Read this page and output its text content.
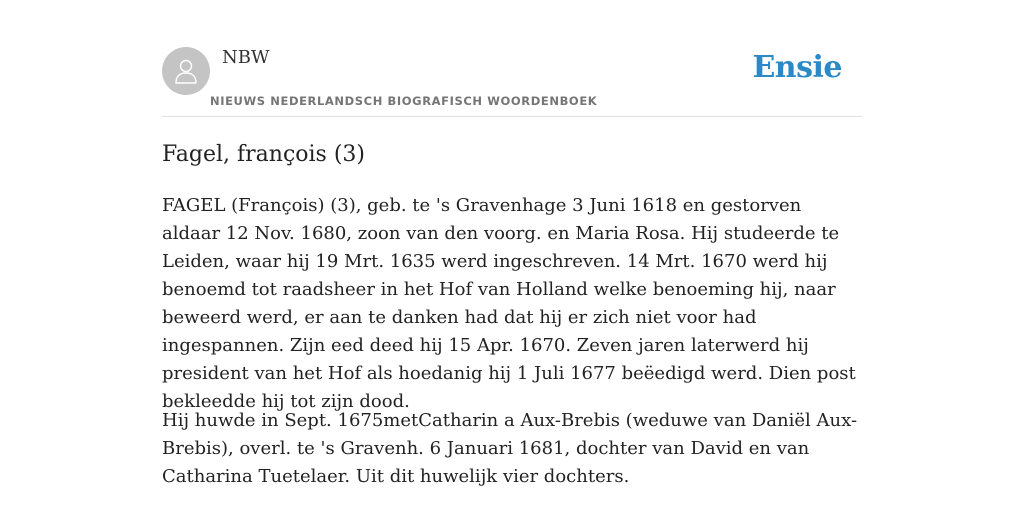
NBW
NIEUWS NEDERLANDSCH BIOGRAFISCH WOORDENBOEK
Ensie
Fagel, françois (3)

FAGEL (François) (3), geb. te 's Gravenhage 3 Juni 1618 en gestorven aldaar 12 Nov. 1680, zoon van den voorg. en Maria Rosa. Hij studeerde te Leiden, waar hij 19 Mrt. 1635 werd ingeschreven. 14 Mrt. 1670 werd hij benoemd tot raadsheer in het Hof van Holland welke benoeming hij, naar beweerd werd, er aan te danken had dat hij er zich niet voor had ingespannen. Zijn eed deed hij 15 Apr. 1670. Zeven jaren laterwerd hij president van het Hof als hoedanig hij 1 Juli 1677 beëedigd werd. Dien post bekleedde hij tot zijn dood.

Hij huwde in Sept. 1675metCatharin a Aux-Brebis (weduwe van Daniël Aux-Brebis), overl. te 's Gravenh. 6 Januari 1681, dochter van David en van Catharina Tuetelaer. Uit dit huwelijk vier dochters.
